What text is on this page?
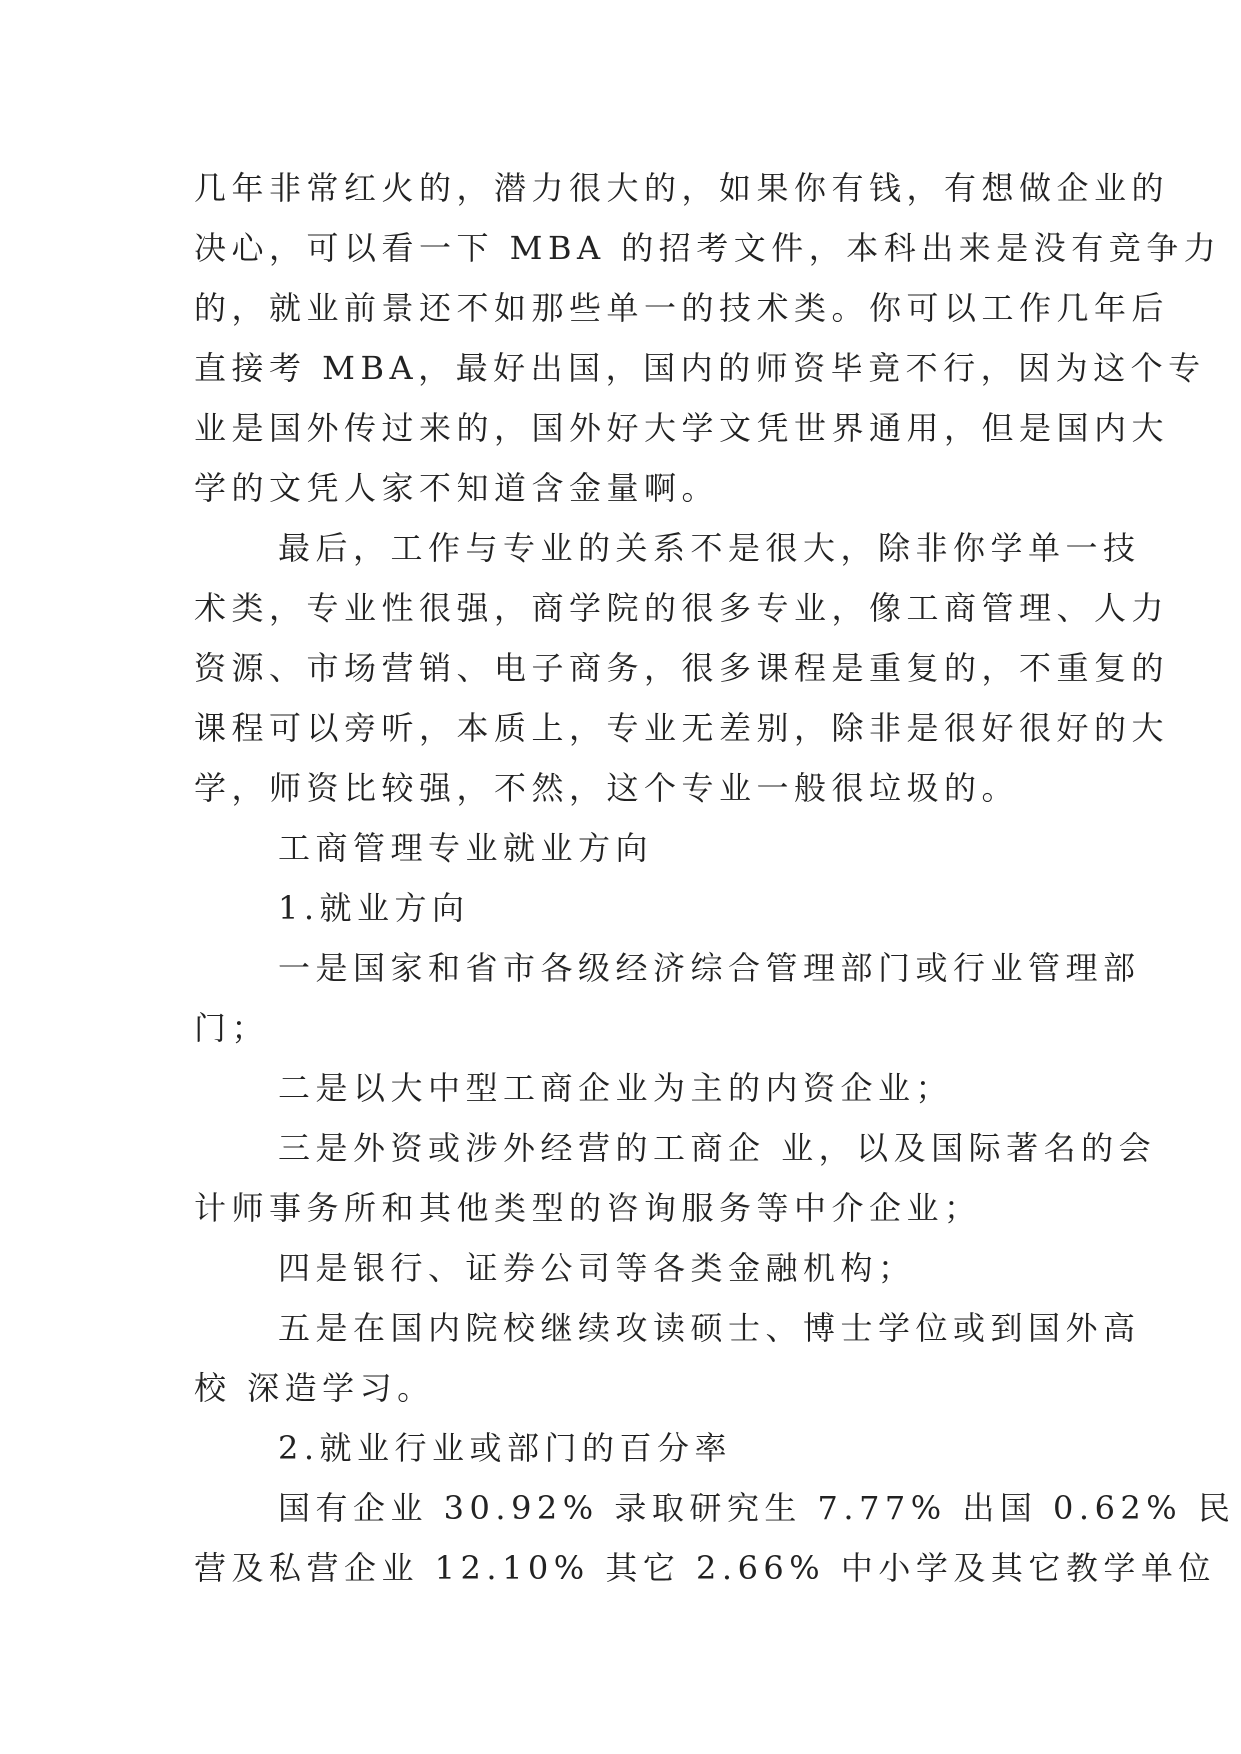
几年非常红火的，潜力很大的，如果你有钱，有想做企业的
决心，可以看一下 MBA 的招考文件，本科出来是没有竞争力
的，就业前景还不如那些单一的技术类。你可以工作几年后
直接考 MBA，最好出国，国内的师资毕竟不行，因为这个专
业是国外传过来的，国外好大学文凭世界通用，但是国内大
学的文凭人家不知道含金量啊。
最后，工作与专业的关系不是很大，除非你学单一技
术类，专业性很强，商学院的很多专业，像工商管理、人力
资源、市场营销、电子商务，很多课程是重复的，不重复的
课程可以旁听，本质上，专业无差别，除非是很好很好的大
学，师资比较强，不然，这个专业一般很垃圾的。
工商管理专业就业方向
1.就业方向
一是国家和省市各级经济综合管理部门或行业管理部
门；
二是以大中型工商企业为主的内资企业；
三是外资或涉外经营的工商企 业，以及国际著名的会
计师事务所和其他类型的咨询服务等中介企业；
四是银行、证券公司等各类金融机构；
五是在国内院校继续攻读硕士、博士学位或到国外高
校 深造学习。
2.就业行业或部门的百分率
国有企业 30.92% 录取研究生 7.77% 出国 0.62% 民
营及私营企业 12.10% 其它 2.66% 中小学及其它教学单位
